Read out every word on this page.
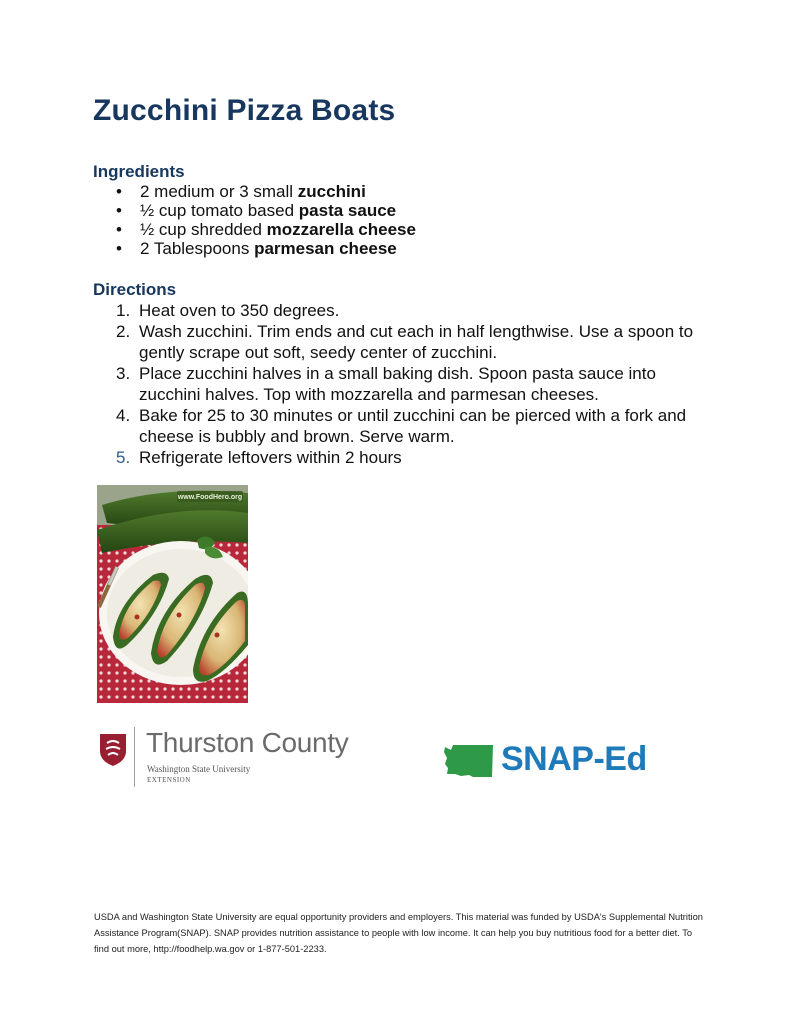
Zucchini Pizza Boats
Ingredients
• 2 medium or 3 small zucchini
• ½ cup tomato based pasta sauce
• ½ cup shredded mozzarella cheese
• 2 Tablespoons parmesan cheese
Directions
1. Heat oven to 350 degrees.
2. Wash zucchini. Trim ends and cut each in half lengthwise. Use a spoon to gently scrape out soft, seedy center of zucchini.
3. Place zucchini halves in a small baking dish. Spoon pasta sauce into zucchini halves. Top with mozzarella and parmesan cheeses.
4. Bake for 25 to 30 minutes or until zucchini can be pierced with a fork and cheese is bubbly and brown. Serve warm.
5. Refrigerate leftovers within 2 hours
www.FoodHero.org
Thurston County
Washington State University
EXTENSION
SNAP-Ed

USDA and Washington State University are equal opportunity providers and employers. This material was funded by USDA's Supplemental Nutrition Assistance Program(SNAP). SNAP provides nutrition assistance to people with low income. It can help you buy nutritious food for a better diet. To find out more, http://foodhelp.wa.gov or 1-877-501-2233.
